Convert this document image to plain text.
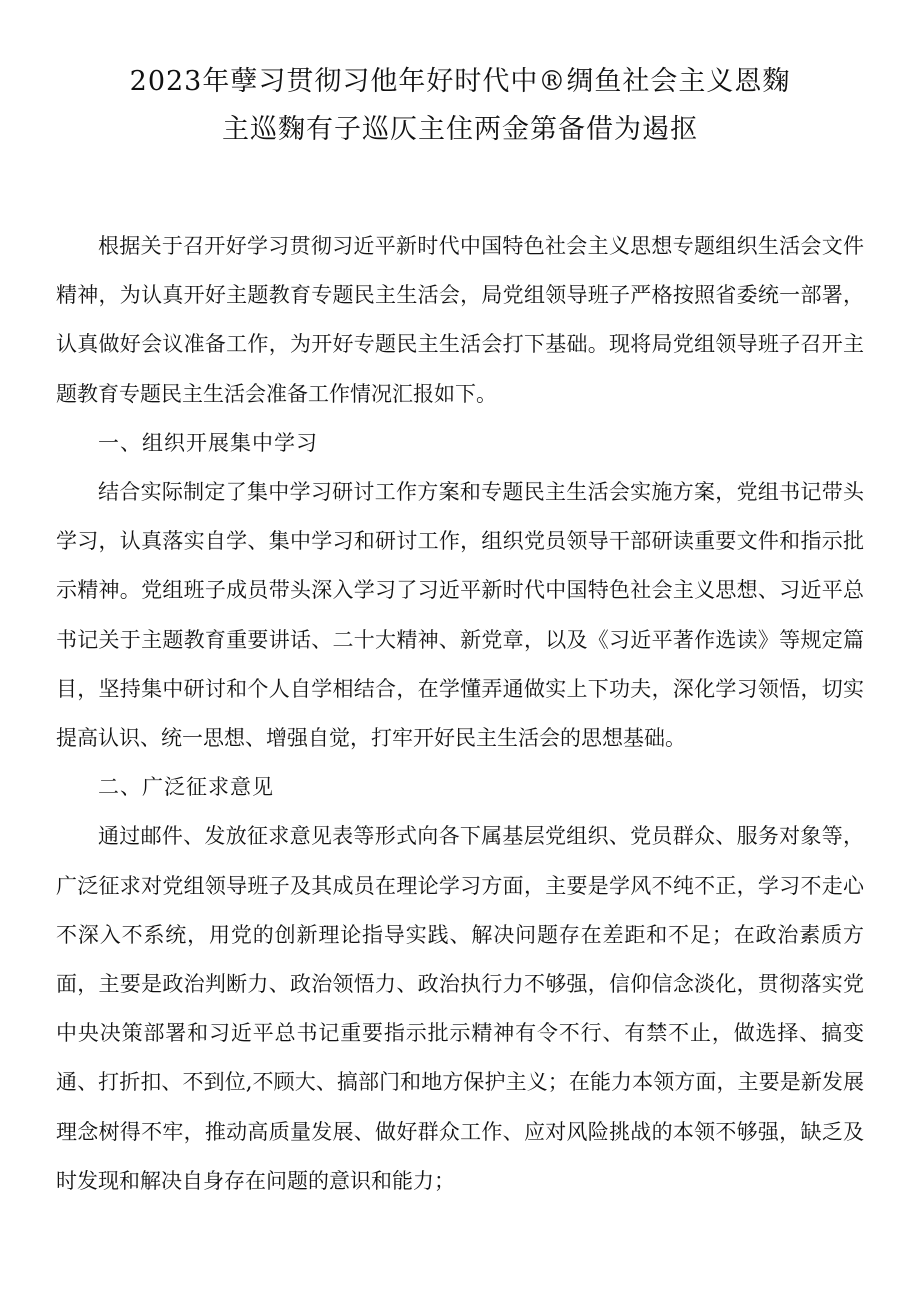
2023年孽习贯彻习他年好时代中®绸鱼社会主义恩麴
主巡麴有子巡仄主住两金第备借为遏抠

根据关于召开好学习贯彻习近平新时代中国特色社会主义思想专题组织生活会文件精神，为认真开好主题教育专题民主生活会，局党组领导班子严格按照省委统一部署，认真做好会议准备工作，为开好专题民主生活会打下基础。现将局党组领导班子召开主题教育专题民主生活会准备工作情况汇报如下。

一、组织开展集中学习

结合实际制定了集中学习研讨工作方案和专题民主生活会实施方案，党组书记带头学习，认真落实自学、集中学习和研讨工作，组织党员领导干部研读重要文件和指示批示精神。党组班子成员带头深入学习了习近平新时代中国特色社会主义思想、习近平总书记关于主题教育重要讲话、二十大精神、新党章，以及《习近平著作选读》等规定篇目，坚持集中研讨和个人自学相结合，在学懂弄通做实上下功夫，深化学习领悟，切实提高认识、统一思想、增强自觉，打牢开好民主生活会的思想基础。

二、广泛征求意见

通过邮件、发放征求意见表等形式向各下属基层党组织、党员群众、服务对象等，广泛征求对党组领导班子及其成员在理论学习方面，主要是学风不纯不正，学习不走心不深入不系统，用党的创新理论指导实践、解决问题存在差距和不足；在政治素质方面，主要是政治判断力、政治领悟力、政治执行力不够强，信仰信念淡化，贯彻落实党中央决策部署和习近平总书记重要指示批示精神有令不行、有禁不止，做选择、搞变通、打折扣、不到位,不顾大、搞部门和地方保护主义；在能力本领方面，主要是新发展理念树得不牢，推动高质量发展、做好群众工作、应对风险挑战的本领不够强，缺乏及时发现和解决自身存在问题的意识和能力；
